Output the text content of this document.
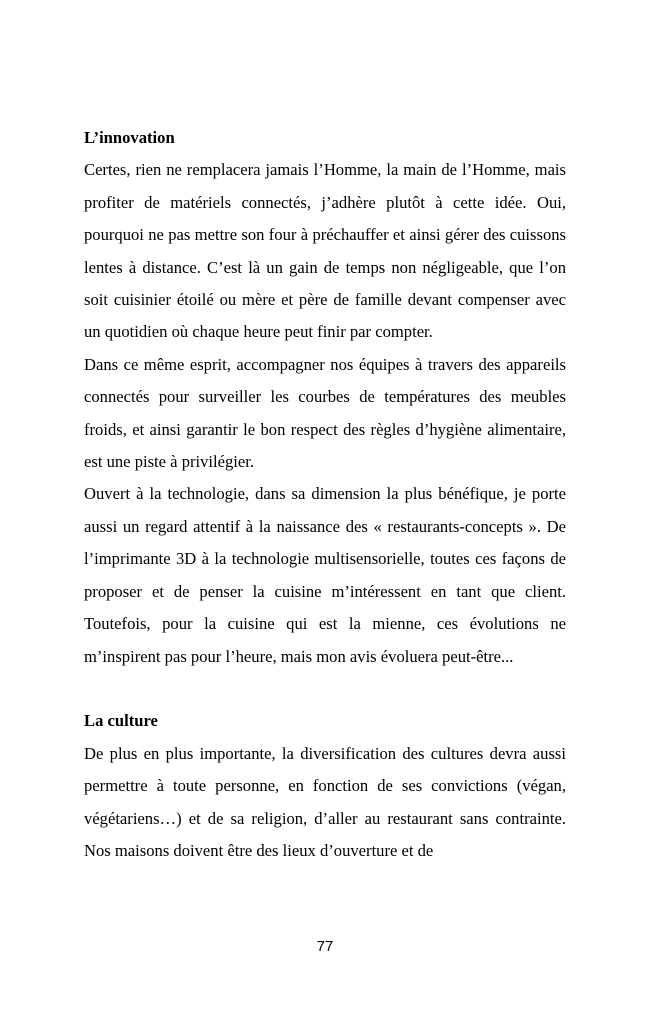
L’innovation

Certes, rien ne remplacera jamais l’Homme, la main de l’Homme, mais profiter de matériels connectés, j’adhère plutôt à cette idée. Oui, pourquoi ne pas mettre son four à préchauffer et ainsi gérer des cuissons lentes à distance. C’est là un gain de temps non négligeable, que l’on soit cuisinier étoilé ou mère et père de famille devant compenser avec un quotidien où chaque heure peut finir par compter.

Dans ce même esprit, accompagner nos équipes à travers des appareils connectés pour surveiller les courbes de températures des meubles froids, et ainsi garantir le bon respect des règles d’hygiène alimentaire, est une piste à privilégier.

Ouvert à la technologie, dans sa dimension la plus bénéfique, je porte aussi un regard attentif à la naissance des « restaurants-concepts ». De l’imprimante 3D à la technologie multisensorielle, toutes ces façons de proposer et de penser la cuisine m’intéressent en tant que client. Toutefois, pour la cuisine qui est la mienne, ces évolutions ne m’inspirent pas pour l’heure, mais mon avis évoluera peut-être...

La culture

De plus en plus importante, la diversification des cultures devra aussi permettre à toute personne, en fonction de ses convictions (végan, végétariens…) et de sa religion, d’aller au restaurant sans contrainte. Nos maisons doivent être des lieux d’ouverture et de

77
